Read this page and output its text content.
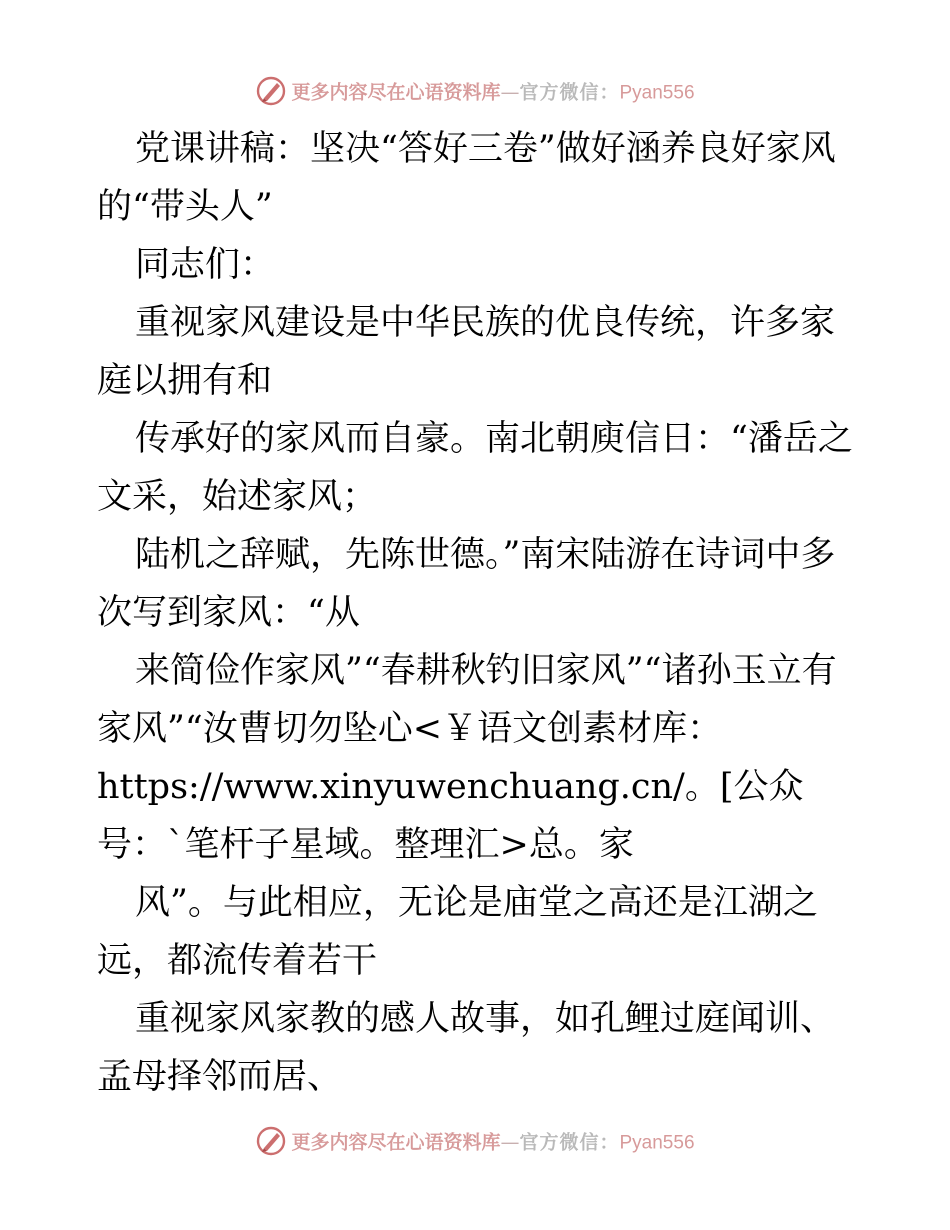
更多内容尽在心语资料库—官方微信：Pyan556

党课讲稿：坚决“答好三卷”做好涵养良好家风的“带头人”

同志们：

重视家风建设是中华民族的优良传统，许多家庭以拥有和

传承好的家风而自豪。南北朝庾信日：“潘岳之文采，始述家风；

陆机之辞赋，先陈世德。”南宋陆游在诗词中多次写到家风：“从

来简俭作家风”“春耕秋钓旧家风”“诸孙玉立有家风”“汝曹切勿坠心<￥语文创素材库：https://www.xinyuwenchuang.cn/。[公众号：`笔杆子星域。整理汇>总。家

风”。与此相应，无论是庙堂之高还是江湖之远，都流传着若干

重视家风家教的感人故事，如孔鲤过庭闻训、孟母择邻而居、

更多内容尽在心语资料库—官方微信：Pyan556
